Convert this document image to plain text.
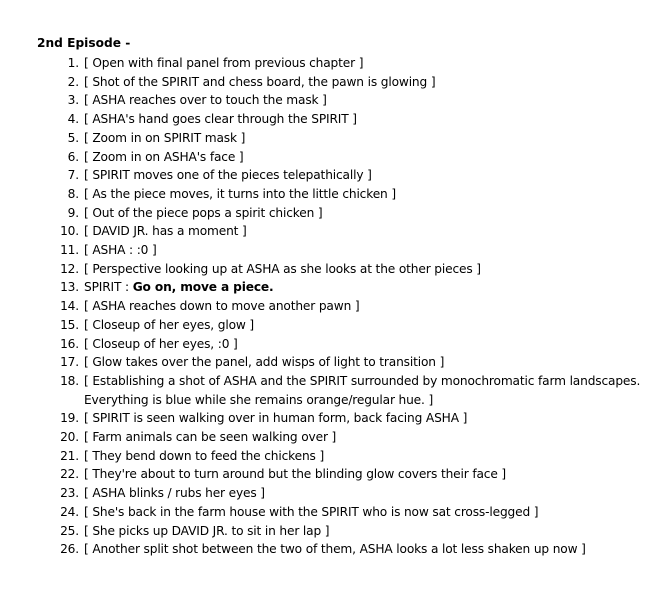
2nd Episode -
1. [ Open with final panel from previous chapter ]
2. [ Shot of the SPIRIT and chess board, the pawn is glowing ]
3. [ ASHA reaches over to touch the mask ]
4. [ ASHA's hand goes clear through the SPIRIT ]
5. [ Zoom in on SPIRIT mask ]
6. [ Zoom in on ASHA's face ]
7. [ SPIRIT moves one of the pieces telepathically ]
8. [ As the piece moves, it turns into the little chicken ]
9. [ Out of the piece pops a spirit chicken ]
10. [ DAVID JR. has a moment ]
11. [ ASHA : :0 ]
12. [ Perspective looking up at ASHA as she looks at the other pieces ]
13. SPIRIT : Go on, move a piece.
14. [ ASHA reaches down to move another pawn ]
15. [ Closeup of her eyes, glow ]
16. [ Closeup of her eyes, :0 ]
17. [ Glow takes over the panel, add wisps of light to transition ]
18. [ Establishing a shot of ASHA and the SPIRIT surrounded by monochromatic farm landscapes. Everything is blue while she remains orange/regular hue. ]
19. [ SPIRIT is seen walking over in human form, back facing ASHA ]
20. [ Farm animals can be seen walking over ]
21. [ They bend down to feed the chickens ]
22. [ They're about to turn around but the blinding glow covers their face ]
23. [ ASHA blinks / rubs her eyes ]
24. [ She's back in the farm house with the SPIRIT who is now sat cross-legged ]
25. [ She picks up DAVID JR. to sit in her lap ]
26. [ Another split shot between the two of them, ASHA looks a lot less shaken up now ]
